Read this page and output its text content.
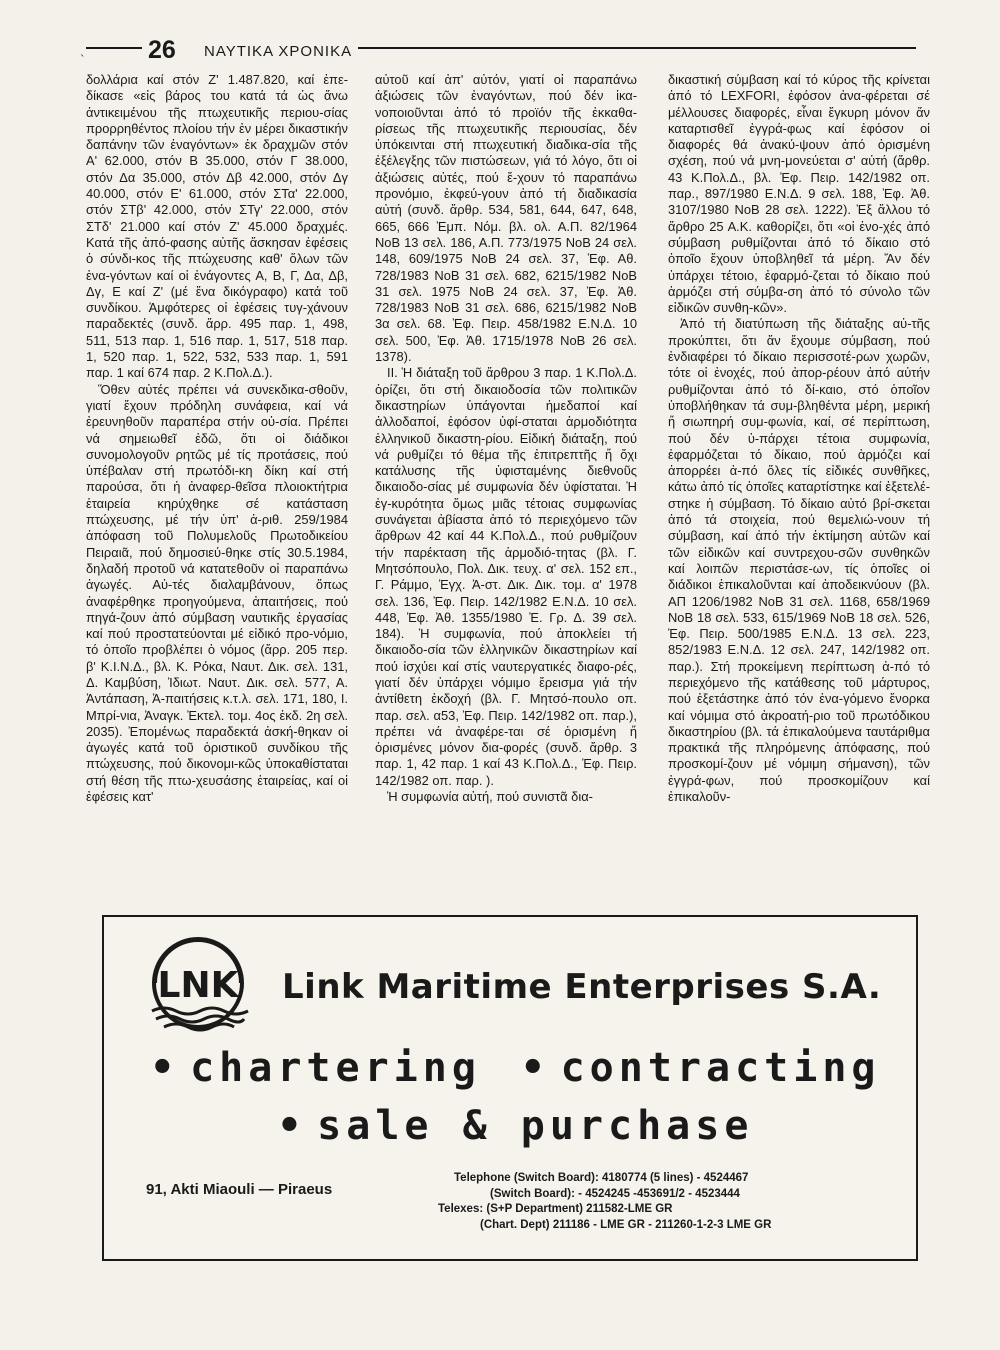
ˎ	26 ΝΑΥΤΙΚΑ ΧΡΟΝΙΚΑ

δολλάρια καί στόν Ζ' 1.487.820, καί ἐπε-δίκασε «εἰς βάρος του κατά τά ὡς ἄνω ἀντικειμένου τῆς πτωχευτικῆς περιου-σίας προρρηθέντος πλοίου τήν ἐν μέρει δικαστικήν δαπάνην τῶν ἐναγόντων» ἐκ δραχμῶν στόν Α' 62.000, στόν Β 35.000, στόν Γ 38.000, στόν Δα 35.000, στόν Δβ 42.000, στόν Δγ 40.000, στόν Ε' 61.000, στόν ΣΤα' 22.000, στόν ΣΤβ' 42.000, στόν ΣΤγ' 22.000, στόν ΣΤδ' 21.000 καί στόν Ζ' 45.000 δραχμές. Κατά τῆς ἀπό-φασης αὐτῆς ἄσκησαν ἐφέσεις ὁ σύνδι-κος τῆς πτώχευσης καθ' ὅλων τῶν ἐνα-γόντων καί οἱ ἐνάγοντες Α, Β, Γ, Δα, Δβ, Δγ, Ε καί Ζ' (μέ ἕνα δικόγραφο) κατά τοῦ συνδίκου. Ἀμφότερες οἱ ἐφέσεις τυγ-χάνουν παραδεκτές (συνδ. ἄρρ. 495 παρ. 1, 498, 511, 513 παρ. 1, 516 παρ. 1, 517, 518 παρ. 1, 520 παρ. 1, 522, 532, 533 παρ. 1, 591 παρ. 1 καί 674 παρ. 2 Κ.Πολ.Δ.).

Ὅθεν αὐτές πρέπει νά συνεκδικα-σθοῦν, γιατί ἔχουν πρόδηλη συνάφεια, καί νά ἐρευνηθοῦν παραπέρα στήν οὐ-σία. Πρέπει νά σημειωθεῖ ἐδῶ, ὅτι οἱ διάδικοι συνομολογοῦν ρητῶς μέ τίς προτάσεις, πού ὑπέβαλαν στή πρωτόδι-κη δίκη καί στή παρούσα, ὅτι ἡ ἀναφερ-θεῖσα πλοιοκτήτρια ἑταιρεία κηρύχθηκε σέ κατάσταση πτώχευσης, μέ τήν ὑπ' ἀ-ριθ. 259/1984 ἀπόφαση τοῦ Πολυμελοῦς Πρωτοδικείου Πειραιᾶ, πού δημοσιεύ-θηκε στίς 30.5.1984, δηλαδή προτοῦ νά κατατεθοῦν οἱ παραπάνω ἀγωγές. Αὐ-τές διαλαμβάνουν, ὅπως ἀναφέρθηκε προηγούμενα, ἀπαιτήσεις, πού πηγά-ζουν ἀπό σύμβαση ναυτικῆς ἐργασίας καί πού προστατεύονται μέ εἰδικό προ-νόμιο, τό ὁποῖο προβλέπει ὁ νόμος (ἄρρ. 205 περ. β' Κ.Ι.Ν.Δ., βλ. Κ. Ρόκα, Ναυτ. Δικ. σελ. 131, Δ. Καμβύση, Ἰδιωτ. Ναυτ. Δικ. σελ. 577, Α. Ἀντάπαση, Ἀ-παιτήσεις κ.τ.λ. σελ. 171, 180, Ι. Μπρί-νια, Ἀναγκ. Ἐκτελ. τομ. 4ος ἐκδ. 2η σελ. 2035). Ἐπομένως παραδεκτά ἀσκή-θηκαν οἱ ἀγωγές κατά τοῦ ὁριστικοῦ συνδίκου τῆς πτώχευσης, πού δικονομι-κῶς ὑποκαθίσταται στή θέση τῆς πτω-χευσάσης ἑταιρείας, καί οἱ ἐφέσεις κατ'

αὐτοῦ καί ἀπ' αὐτόν, γιατί οἱ παραπάνω ἀξιώσεις τῶν ἐναγόντων, πού δέν ἱκα-νοποιοῦνται ἀπό τό προϊόν τῆς ἐκκαθα-ρίσεως τῆς πτωχευτικῆς περιουσίας, δέν ὑπόκεινται στή πτωχευτική διαδικα-σία τῆς ἐξέλεγξης τῶν πιστώσεων, γιά τό λόγο, ὅτι οἱ ἀξιώσεις αὐτές, πού ἔ-χουν τό παραπάνω προνόμιο, ἐκφεύ-γουν ἀπό τή διαδικασία αὐτή (συνδ. ἄρθρ. 534, 581, 644, 647, 648, 665, 666 Ἐμπ. Νόμ. βλ. ολ. Α.Π. 82/1964 ΝοΒ 13 σελ. 186, Α.Π. 773/1975 ΝοΒ 24 σελ. 148, 609/1975 ΝοΒ 24 σελ. 37, Ἐφ. Αθ. 728/1983 ΝοΒ 31 σελ. 682, 6215/1982 ΝοΒ 31 σελ. 1975 ΝοΒ 24 σελ. 37, Ἐφ. Ἀθ. 728/1983 ΝοΒ 31 σελ. 686, 6215/1982 ΝοΒ 3α σελ. 68. Ἐφ. Πειρ. 458/1982 Ε.Ν.Δ. 10 σελ. 500, Ἐφ. Ἀθ. 1715/1978 ΝοΒ 26 σελ. 1378).

ΙΙ. Ἡ διάταξη τοῦ ἄρθρου 3 παρ. 1 Κ.Πολ.Δ. ὁρίζει, ὅτι στή δικαιοδοσία τῶν πολιτικῶν δικαστηρίων ὑπάγονται ἡμεδαποί καί ἀλλοδαποί, ἐφόσον ὑφί-σταται ἁρμοδιότητα ἑλληνικοῦ δικαστη-ρίου. Εἰδική διάταξη, πού νά ρυθμίζει τό θέμα τῆς ἐπιτρεπτῆς ἤ ὄχι κατάλυσης τῆς ὑφισταμένης διεθνοῦς δικαιοδο-σίας μέ συμφωνία δέν ὑφίσταται. Ἡ ἐγ-κυρότητα ὅμως μιᾶς τέτοιας συμφωνίας συνάγεται ἀβίαστα ἀπό τό περιεχόμενο τῶν ἄρθρων 42 καί 44 Κ.Πολ.Δ., πού ρυθμίζουν τήν παρέκταση τῆς ἁρμοδιό-τητας (βλ. Γ. Μητσόπουλο, Πολ. Δικ. τευχ. α' σελ. 152 επ., Γ. Ράμμο, Ἐγχ. Ἀ-στ. Δικ. Δικ. τομ. α' 1978 σελ. 136, Ἐφ. Πειρ. 142/1982 Ε.Ν.Δ. 10 σελ. 448, Ἐφ. Ἀθ. 1355/1980 Ἐ. Γρ. Δ. 39 σελ. 184). Ἡ συμφωνία, πού ἀποκλείει τή δικαιοδο-σία τῶν ἑλληνικῶν δικαστηρίων καί πού ἰσχύει καί στίς ναυτεργατικές διαφο-ρές, γιατί δέν ὑπάρχει νόμιμο ἔρεισμα γιά τήν ἀντίθετη ἐκδοχή (βλ. Γ. Μητσό-πουλο οπ. παρ. σελ. α53, Ἐφ. Πειρ. 142/1982 οπ. παρ.), πρέπει νά ἀναφέρε-ται σέ ὁρισμένη ἤ ὁρισμένες μόνον δια-φορές (συνδ. ἄρθρ. 3 παρ. 1, 42 παρ. 1 καί 43 Κ.Πολ.Δ., Ἐφ. Πειρ. 142/1982 οπ. παρ. ).

Ἡ συμφωνία αὐτή, πού συνιστᾶ δια-

δικαστική σύμβαση καί τό κύρος τῆς κρίνεται ἀπό τό LEXFORI, ἐφόσον ἀνα-φέρεται σέ μέλλουσες διαφορές, εἶναι ἔγκυρη μόνον ἄν καταρτισθεῖ ἐγγρά-φως καί ἐφόσον οἱ διαφορές θά ἀνακύ-ψουν ἀπό ὁρισμένη σχέση, πού νά μνη-μονεύεται σ' αὐτή (ἄρθρ. 43 Κ.Πολ.Δ., βλ. Ἐφ. Πειρ. 142/1982 οπ. παρ., 897/1980 Ε.Ν.Δ. 9 σελ. 188, Ἐφ. Ἀθ. 3107/1980 ΝοΒ 28 σελ. 1222). Ἐξ ἄλλου τό ἄρθρο 25 Α.Κ. καθορίζει, ὅτι «οἱ ἐνο-χές ἀπό σύμβαση ρυθμίζονται ἀπό τό δίκαιο στό ὁποῖο ἔχουν ὑποβληθεῖ τά μέρη. Ἄν δέν ὑπάρχει τέτοιο, ἐφαρμό-ζεται τό δίκαιο πού ἁρμόζει στή σύμβα-ση ἀπό τό σύνολο τῶν εἰδικῶν συνθη-κῶν».

Ἀπό τή διατύπωση τῆς διάταξης αὐ-τῆς προκύπτει, ὅτι ἄν ἔχουμε σύμβαση, πού ἐνδιαφέρει τό δίκαιο περισσοτέ-ρων χωρῶν, τότε οἱ ἐνοχές, πού ἀπορ-ρέουν ἀπό αὐτήν ρυθμίζονται ἀπό τό δί-καιο, στό ὁποῖον ὑποβλήθηκαν τά συμ-βληθέντα μέρη, μερική ἤ σιωπηρή συμ-φωνία, καί, σέ περίπτωση, πού δέν ὑ-πάρχει τέτοια συμφωνία, ἐφαρμόζεται τό δίκαιο, πού ἁρμόζει καί ἀπορρέει ἀ-πό ὅλες τίς εἰδικές συνθῆκες, κάτω ἀπό τίς ὁποῖες καταρτίστηκε καί ἐξετελέ-στηκε ἡ σύμβαση. Τό δίκαιο αὐτό βρί-σκεται ἀπό τά στοιχεία, πού θεμελιώ-νουν τή σύμβαση, καί ἀπό τήν ἐκτίμηση αὐτῶν καί τῶν εἰδικῶν καί συντρεχου-σῶν συνθηκῶν καί λοιπῶν περιστάσε-ων, τίς ὁποῖες οἱ διάδικοι ἐπικαλοῦνται καί ἀποδεικνύουν (βλ. ΑΠ 1206/1982 ΝοΒ 31 σελ. 1168, 658/1969 ΝοΒ 18 σελ. 533, 615/1969 ΝοΒ 18 σελ. 526, Ἐφ. Πειρ. 500/1985 Ε.Ν.Δ. 13 σελ. 223, 852/1983 Ε.Ν.Δ. 12 σελ. 247, 142/1982 οπ. παρ.). Στή προκείμενη περίπτωση ἀ-πό τό περιεχόμενο τῆς κατάθεσης τοῦ μάρτυρος, πού ἐξετάστηκε ἀπό τόν ἐνα-γόμενο ἔνορκα καί νόμιμα στό ἀκροατή-ριο τοῦ πρωτόδικου δικαστηρίου (βλ. τά ἐπικαλούμενα ταυτάριθμα πρακτικά τῆς πληρόμενης ἀπόφασης, πού προσκομί-ζουν μέ νόμιμη σήμανση), τῶν ἐγγρά-φων, πού προσκομίζουν καί ἐπικαλοῦν-

LNK Link Maritime Enterprises S.A.
• chartering • contracting
• sale & purchase
91, Akti Miaouli — Piraeus
Telephone (Switch Board): 4180774 (5 lines) - 4524467
(Switch Board): - 4524245 -453691/2 - 4523444
Telexes: (S+P Department) 211582-LME GR
(Chart. Dept) 211186 - LME GR - 211260-1-2-3 LME GR
